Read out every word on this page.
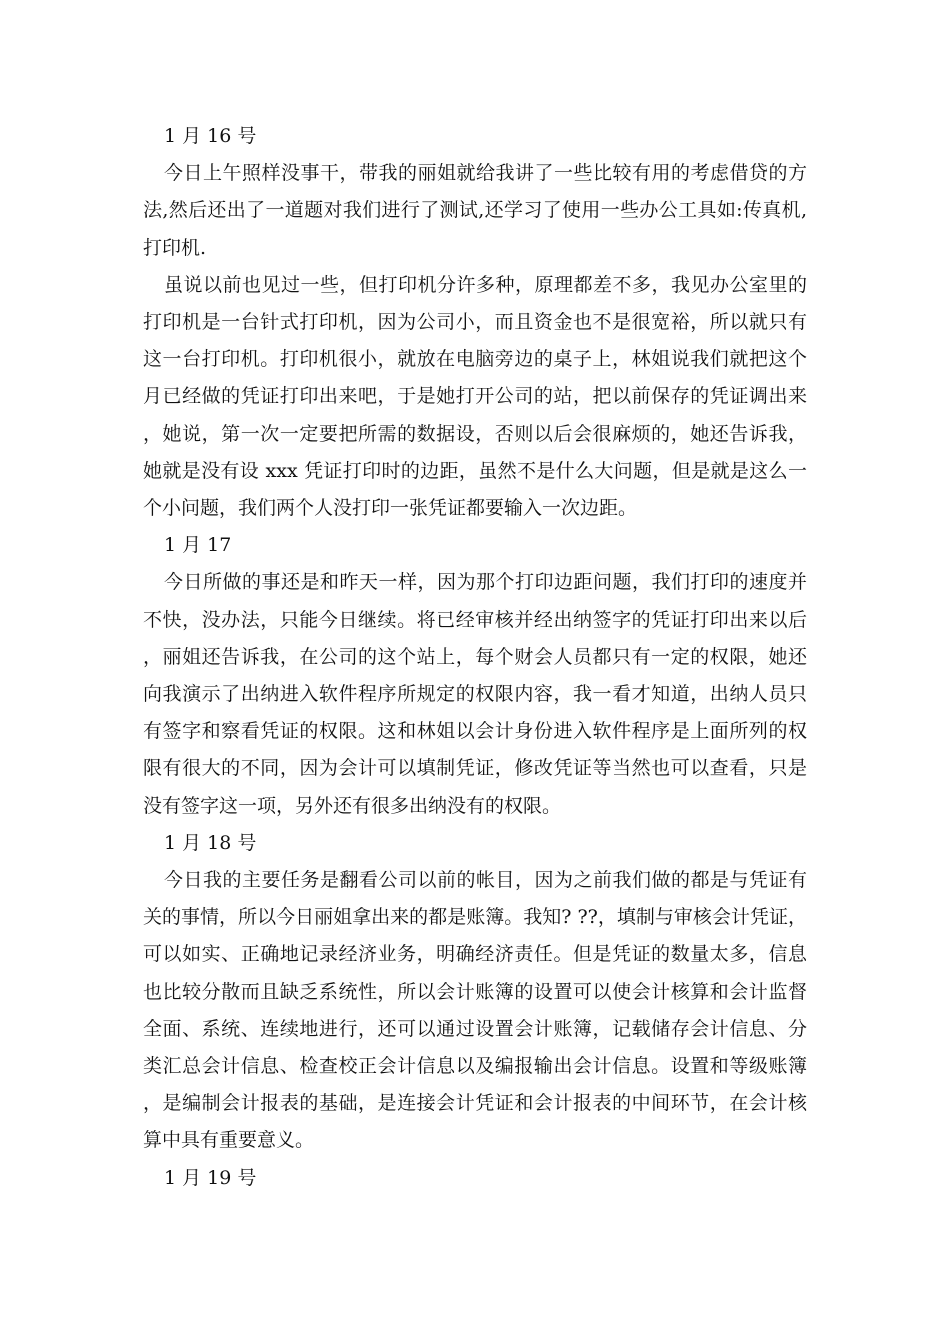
1 月 16 号

今日上午照样没事干，带我的丽姐就给我讲了一些比较有用的考虑借贷的方法,然后还出了一道题对我们进行了测试,还学习了使用一些办公工具如:传真机,打印机.

虽说以前也见过一些，但打印机分许多种，原理都差不多，我见办公室里的打印机是一台针式打印机，因为公司小，而且资金也不是很宽裕，所以就只有这一台打印机。打印机很小，就放在电脑旁边的桌子上，林姐说我们就把这个月已经做的凭证打印出来吧，于是她打开公司的站，把以前保存的凭证调出来，她说，第一次一定要把所需的数据设，否则以后会很麻烦的，她还告诉我，她就是没有设 xxx 凭证打印时的边距，虽然不是什么大问题，但是就是这么一个小问题，我们两个人没打印一张凭证都要输入一次边距。

1 月 17

今日所做的事还是和昨天一样，因为那个打印边距问题，我们打印的速度并不快，没办法，只能今日继续。将已经审核并经出纳签字的凭证打印出来以后，丽姐还告诉我，在公司的这个站上，每个财会人员都只有一定的权限，她还向我演示了出纳进入软件程序所规定的权限内容，我一看才知道，出纳人员只有签字和察看凭证的权限。这和林姐以会计身份进入软件程序是上面所列的权限有很大的不同，因为会计可以填制凭证，修改凭证等当然也可以查看，只是没有签字这一项，另外还有很多出纳没有的权限。

1 月 18 号

今日我的主要任务是翻看公司以前的帐目，因为之前我们做的都是与凭证有关的事情，所以今日丽姐拿出来的都是账簿。我知? ??，填制与审核会计凭证，可以如实、正确地记录经济业务，明确经济责任。但是凭证的数量太多，信息也比较分散而且缺乏系统性，所以会计账簿的设置可以使会计核算和会计监督全面、系统、连续地进行，还可以通过设置会计账簿，记载储存会计信息、分类汇总会计信息、检查校正会计信息以及编报输出会计信息。设置和等级账簿，是编制会计报表的基础，是连接会计凭证和会计报表的中间环节，在会计核算中具有重要意义。

1 月 19 号
